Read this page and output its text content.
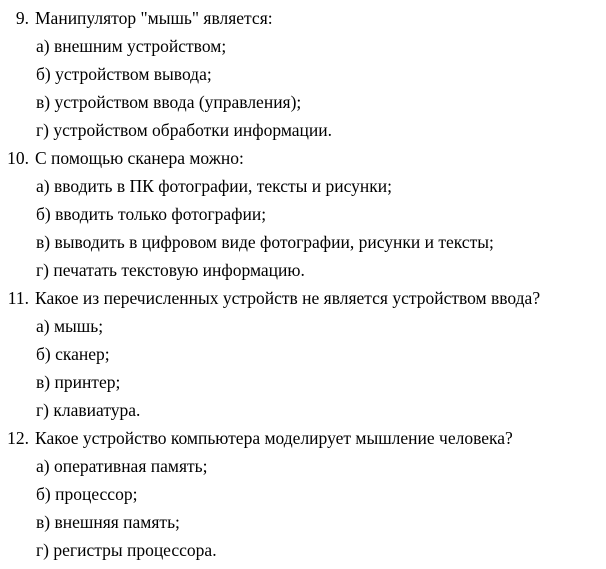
9. Манипулятор "мышь" является:
а) внешним устройством;
б) устройством вывода;
в) устройством ввода (управления);
г) устройством обработки информации.
10. С помощью сканера можно:
а) вводить в ПК фотографии, тексты и рисунки;
б) вводить только фотографии;
в) выводить в цифровом виде фотографии, рисунки и тексты;
г) печатать текстовую информацию.
11. Какое из перечисленных устройств не является устройством ввода?
а) мышь;
б) сканер;
в) принтер;
г) клавиатура.
12. Какое устройство компьютера моделирует мышление человека?
а) оперативная память;
б) процессор;
в) внешняя память;
г) регистры процессора.
